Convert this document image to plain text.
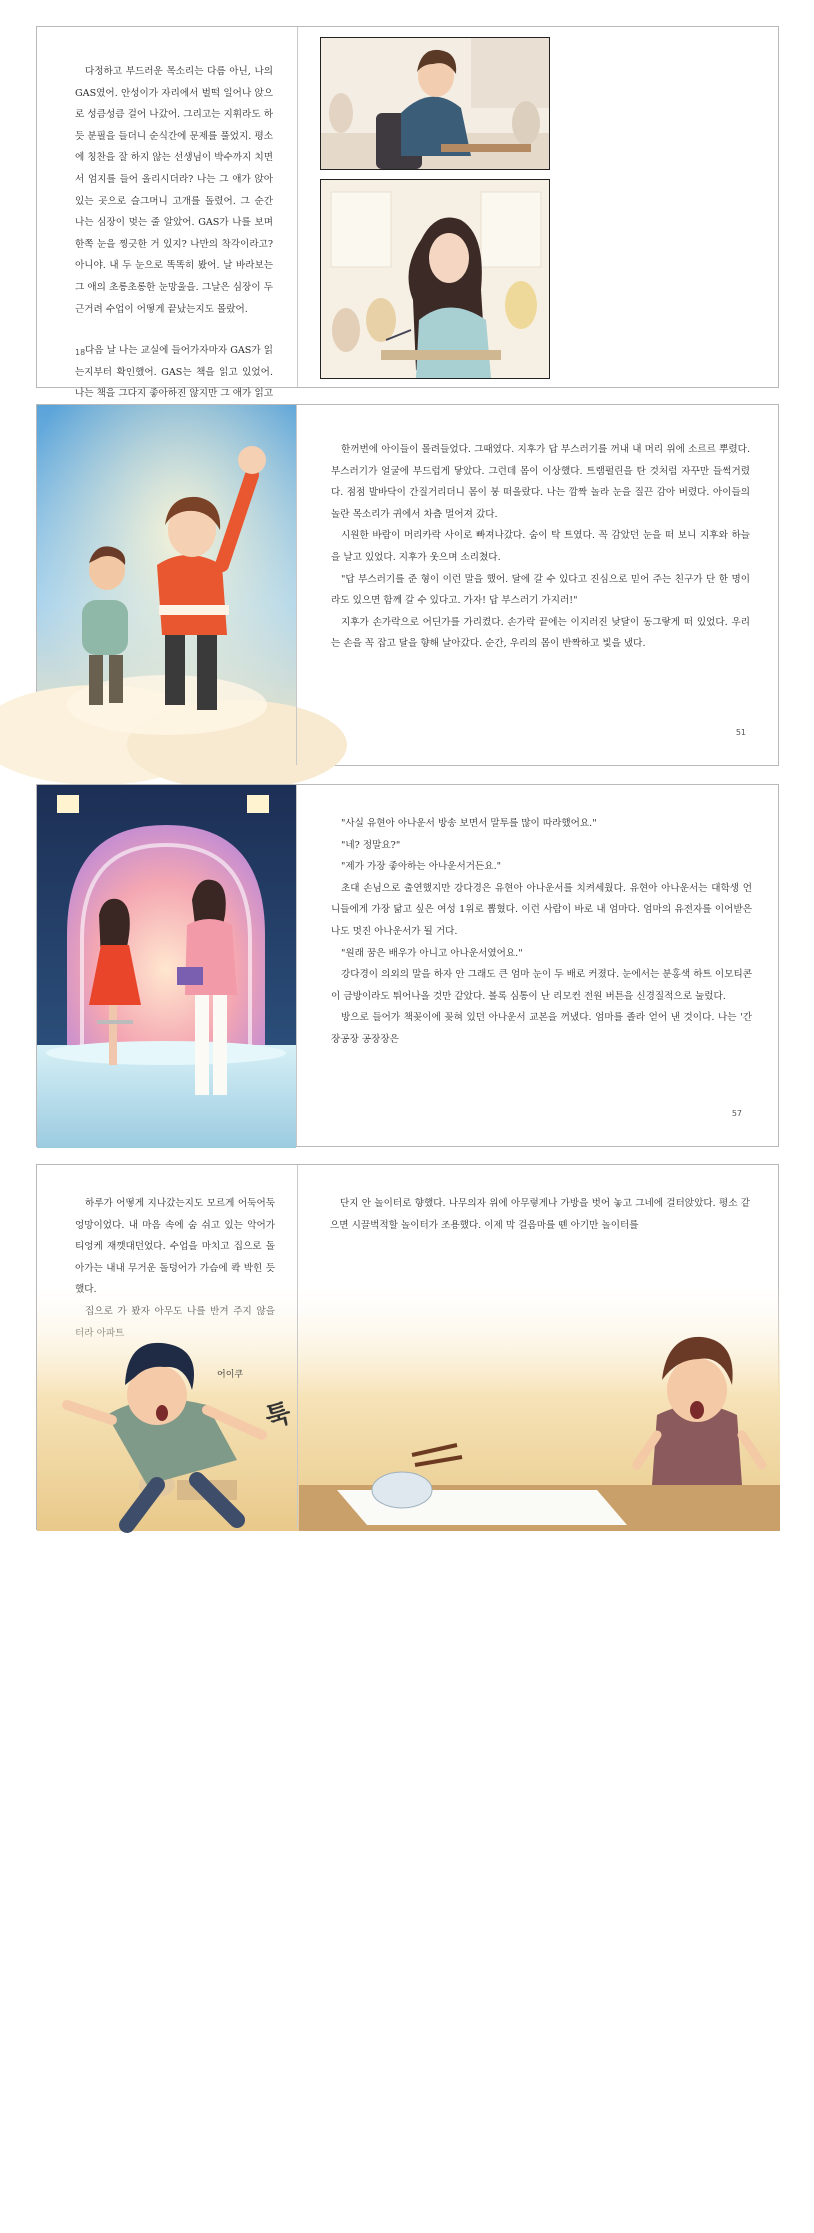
다정하고 부드러운 목소리는 다름 아닌, 나의 GAS였어. 안성이가 자리에서 벌떡 일어나 앉으로 성큼성큼 걸어 나갔어. 그리고는 지휘라도 하듯 분필을 들더니 순식간에 문제를 풀었지. 평소에 칭찬을 잘 하지 않는 선생님이 박수까지 치면서 엄지를 들어 올리시더라? 나는 그 애가 앉아 있는 곳으로 슬그머니 고개를 돌렸어. 그 순간 나는 심장이 멎는 줄 알았어. GAS가 나를 보며 한쪽 눈을 찡긋한 거 있지? 나만의 착각이라고? 아니야. 내 두 눈으로 똑똑히 봤어. 날 바라보는 그 애의 초롱초롱한 눈망울을. 그날은 심장이 두근거려 수업이 어떻게 끝났는지도 몰랐어.

다음 날 나는 교실에 들어가자마자 GAS가 읽는지부터 확인했어. GAS는 책을 읽고 있었어. 나는 책을 그다지 좋아하진 않지만 그 애가 읽고

18

한꺼번에 아이들이 몰려들었다. 그때였다. 지후가 답 부스러기를 꺼내 내 머리 위에 소르르 뿌렸다. 부스러기가 얼굴에 부드럽게 닿았다. 그런데 몸이 이상했다. 트램펄린을 탄 것처럼 자꾸만 들썩거렸다. 점점 발바닥이 간질거리더니 몸이 붕 떠올랐다. 나는 깜짝 놀라 눈을 질끈 감아 버렸다. 아이들의 놀란 목소리가 귀에서 차츰 멀어져 갔다.

시원한 바람이 머리카락 사이로 빠져나갔다. 숨이 탁 트였다. 꼭 감았던 눈을 떠 보니 지후와 하늘을 날고 있었다. 지후가 웃으며 소리쳤다.

"답 부스러기를 준 형이 이런 말을 했어. 달에 갈 수 있다고 진심으로 믿어 주는 친구가 단 한 명이라도 있으면 함께 갈 수 있다고. 가자! 답 부스러기 가지러!"

지후가 손가락으로 어딘가를 가리켰다. 손가락 끝에는 이지러진 낮달이 동그랗게 떠 있었다. 우리는 손을 꼭 잡고 달을 향해 날아갔다. 순간, 우리의 몸이 반짝하고 빛을 냈다.

51

"사실 유현아 아나운서 방송 보면서 말투를 많이 따라했어요."

"네? 정말요?"

"제가 가장 좋아하는 아나운서거든요."

초대 손님으로 출연했지만 강다경은 유현아 아나운서를 치켜세웠다. 유현아 아나운서는 대학생 언니들에게 가장 닮고 싶은 여성 1위로 뽑혔다. 이런 사람이 바로 내 엄마다. 엄마의 유전자를 이어받은 나도 멋진 아나운서가 될 거다.

"원래 꿈은 배우가 아니고 아나운서였어요."

강다경이 의외의 말을 하자 안 그래도 큰 엄마 눈이 두 배로 커졌다. 눈에서는 분홍색 하트 이모티콘이 금방이라도 튀어나올 것만 같았다. 볼록 심통이 난 리모컨 전원 버튼을 신경질적으로 눌렀다.

방으로 들어가 책꽂이에 꽂혀 있던 아나운서 교본을 꺼냈다. 엄마를 졸라 얻어 낸 것이다. 나는 '간장공장 공장장은

57

하루가 어떻게 지나갔는지도 모르게 어둑어둑 엉망이었다. 내 마음 속에 숨 쉬고 있는 악어가 티엉케 재깻대던었다. 수업을 마치고 집으로 돌아가는 내내 무거운 돌덩어가 가슴에 콱 박힌 듯

단지 안 놀이터로 향했다. 나무의자 위에 아무렇게나 가방을 벗어 놓고 그네에 걸터앉았다. 평소 같으면 시끌벅적할 놀이터가 조용했다. 이제 막 걸음마를 뗀 아기만 놀이터를

어이쿠
툭
